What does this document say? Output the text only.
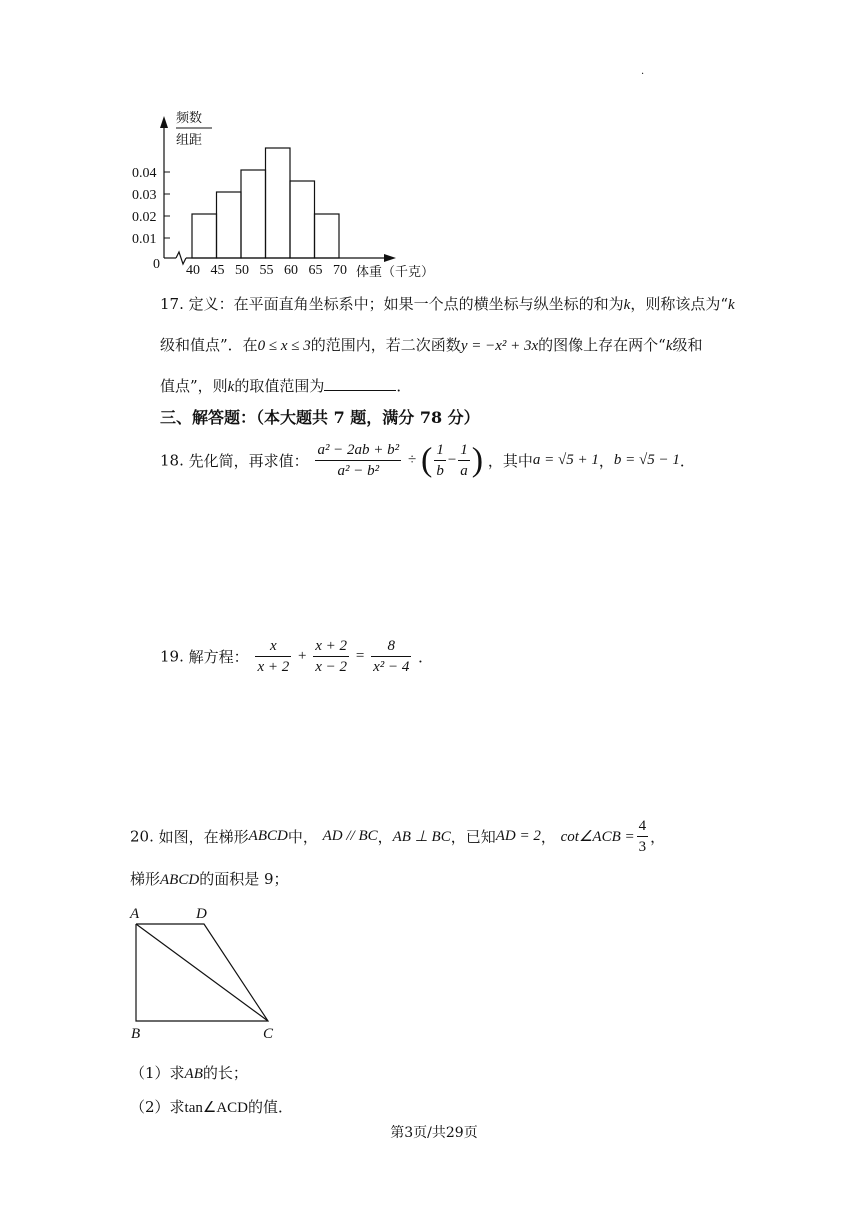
.
频数
组距
0.04
0.03
0.02
0.01
0 40 45 50 55 60 65 70 体重（千克）
17. 定义：在平面直角坐标系中；如果一个点的横坐标与纵坐标的和为k，则称该点为“k
级和值点”．在0 ≤ x ≤ 3的范围内，若二次函数y = −x² + 3x的图像上存在两个“k级和
值点”，则k的取值范围为	．
三、解答题：（本大题共 7 题，满分 78 分）
18. 先化简，再求值： $\frac{\text{a² − 2ab + b²}}{\text{a² − b²}}$ ÷ ( $\frac{1}{b} - \frac{1}{a}$ ) ，其中a = √5 + 1，b = √5 − 1．
19. 解方程： $\frac{x}{x + 2} + \frac{x + 2}{x - 2} = \frac{8}{\text{x² − 4}}$ ．
20. 如图，在梯形ABCD中， AD // BC，AB ⊥ BC，已知AD = 2， cot∠ACB = $\frac{4}{3}$ ，
梯形ABCD的面积是 9；
A	D
B	C
（1）求AB的长；
（2）求tan∠ACD的值．
第3页/共29页
